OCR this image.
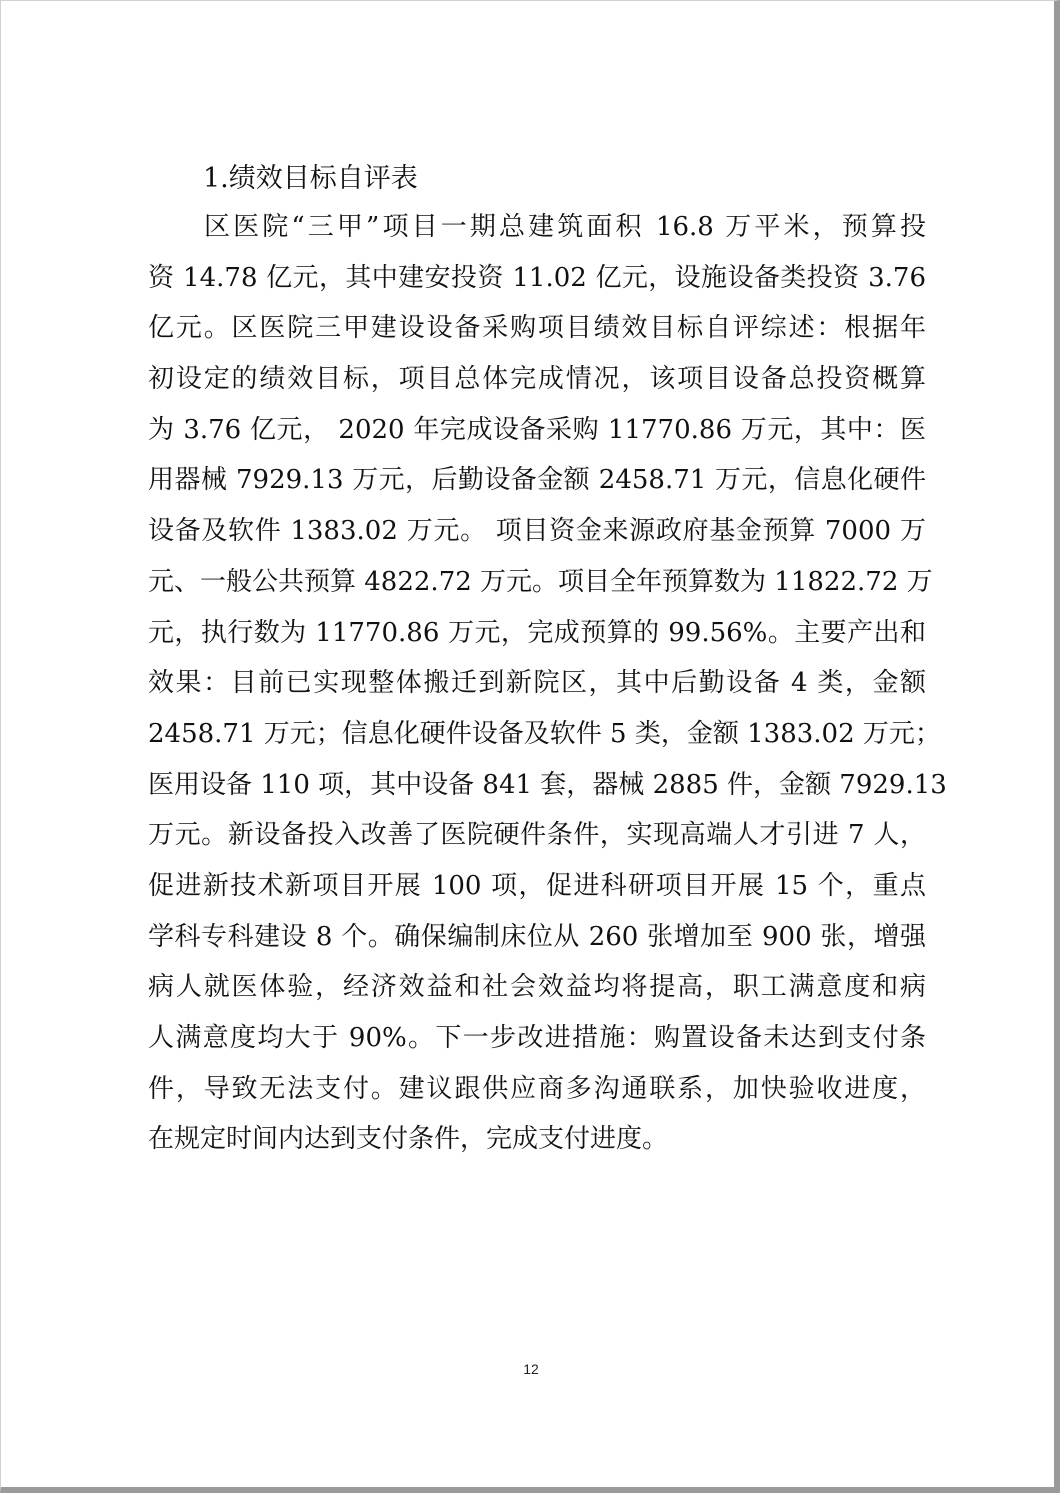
1.绩效目标自评表

区医院“三甲”项目一期总建筑面积 16.8 万平米，预算投
资 14.78 亿元，其中建安投资 11.02 亿元，设施设备类投资 3.76
亿元。区医院三甲建设设备采购项目绩效目标自评综述：根据年
初设定的绩效目标，项目总体完成情况，该项目设备总投资概算
为 3.76 亿元， 2020 年完成设备采购 11770.86 万元，其中：医
用器械 7929.13 万元，后勤设备金额 2458.71 万元，信息化硬件
设备及软件 1383.02 万元。 项目资金来源政府基金预算 7000 万
元、一般公共预算 4822.72 万元。项目全年预算数为 11822.72 万
元，执行数为 11770.86 万元，完成预算的 99.56%。主要产出和
效果：目前已实现整体搬迁到新院区，其中后勤设备 4 类，金额
2458.71 万元；信息化硬件设备及软件 5 类，金额 1383.02 万元；
医用设备 110 项，其中设备 841 套，器械 2885 件，金额 7929.13
万元。新设备投入改善了医院硬件条件，实现高端人才引进 7 人，
促进新技术新项目开展 100 项，促进科研项目开展 15 个，重点
学科专科建设 8 个。确保编制床位从 260 张增加至 900 张，增强
病人就医体验，经济效益和社会效益均将提高，职工满意度和病
人满意度均大于 90%。下一步改进措施：购置设备未达到支付条
件，导致无法支付。建议跟供应商多沟通联系，加快验收进度，
在规定时间内达到支付条件，完成支付进度。
12
